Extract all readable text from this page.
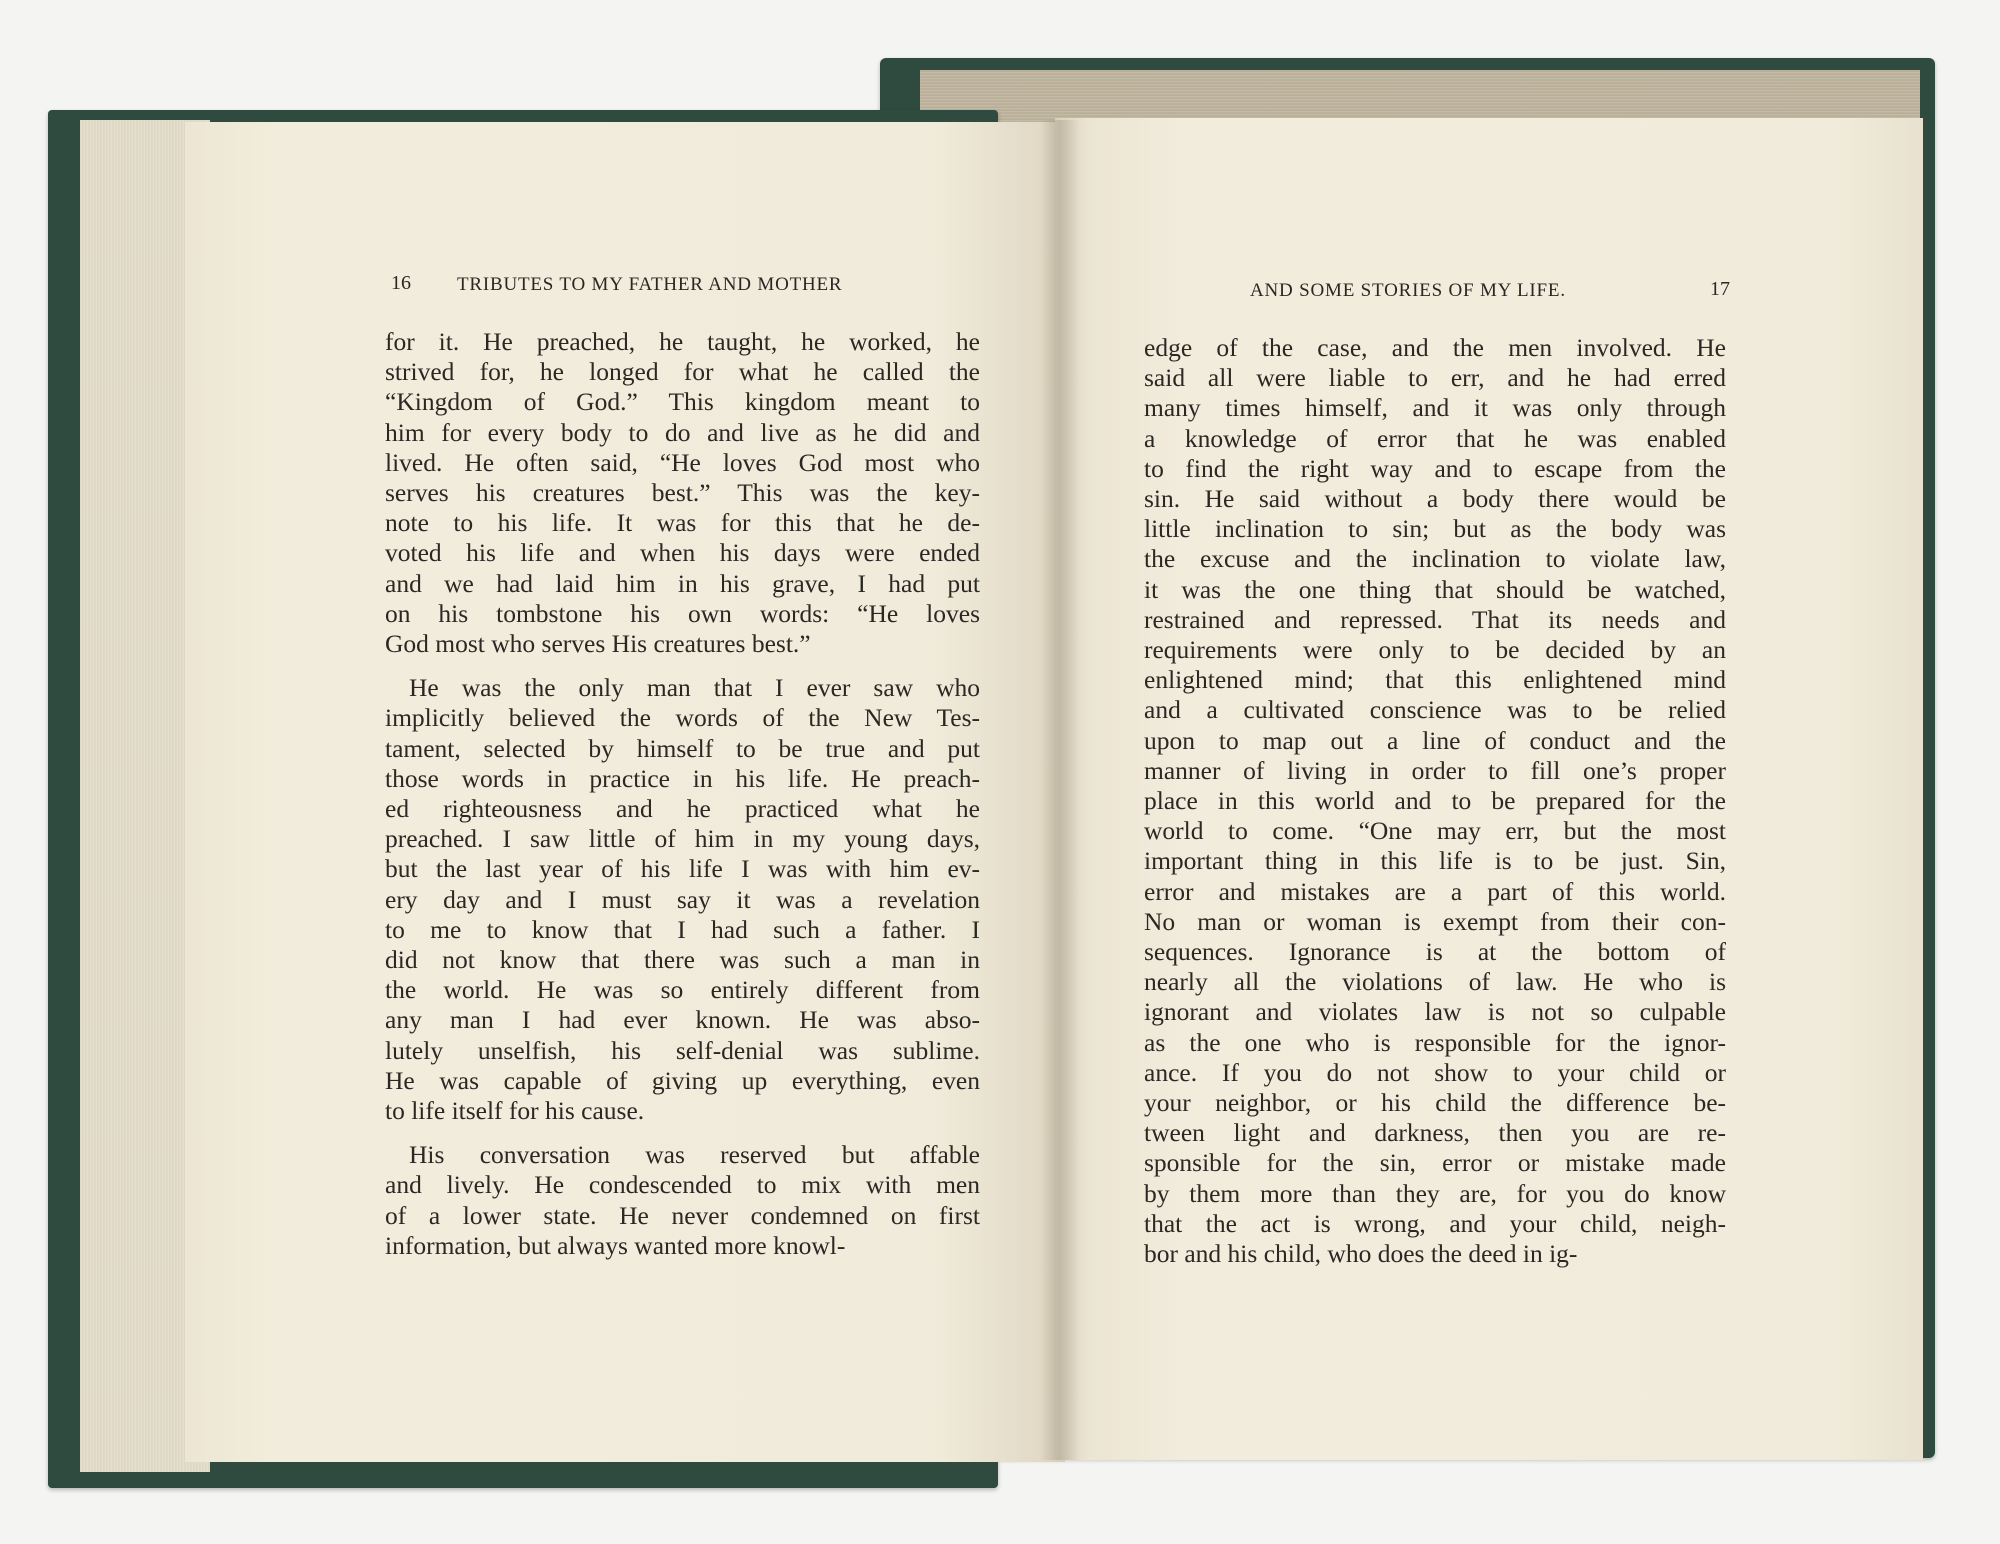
16 TRIBUTES TO MY FATHER AND MOTHER

for it. He preached, he taught, he worked, he
strived for, he longed for what he called the
“Kingdom of God.” This kingdom meant to
him for every body to do and live as he did and
lived. He often said, “He loves God most who
serves his creatures best.” This was the key-
note to his life. It was for this that he de-
voted his life and when his days were ended
and we had laid him in his grave, I had put
on his tombstone his own words: “He loves
God most who serves His creatures best.”

He was the only man that I ever saw who
implicitly believed the words of the New Tes-
tament, selected by himself to be true and put
those words in practice in his life. He preach-
ed righteousness and he practiced what he
preached. I saw little of him in my young days,
but the last year of his life I was with him ev-
ery day and I must say it was a revelation
to me to know that I had such a father. I
did not know that there was such a man in
the world. He was so entirely different from
any man I had ever known. He was abso-
lutely unselfish, his self-denial was sublime.
He was capable of giving up everything, even
to life itself for his cause.

His conversation was reserved but affable
and lively. He condescended to mix with men
of a lower state. He never condemned on first
information, but always wanted more knowl-

AND SOME STORIES OF MY LIFE.	17

edge of the case, and the men involved. He
said all were liable to err, and he had erred
many times himself, and it was only through
a knowledge of error that he was enabled
to find the right way and to escape from the
sin. He said without a body there would be
little inclination to sin; but as the body was
the excuse and the inclination to violate law,
it was the one thing that should be watched,
restrained and repressed. That its needs and
requirements were only to be decided by an
enlightened mind; that this enlightened mind
and a cultivated conscience was to be relied
upon to map out a line of conduct and the
manner of living in order to fill one’s proper
place in this world and to be prepared for the
world to come. “One may err, but the most
important thing in this life is to be just. Sin,
error and mistakes are a part of this world.
No man or woman is exempt from their con-
sequences. Ignorance is at the bottom of
nearly all the violations of law. He who is
ignorant and violates law is not so culpable
as the one who is responsible for the ignor-
ance. If you do not show to your child or
your neighbor, or his child the difference be-
tween light and darkness, then you are re-
sponsible for the sin, error or mistake made
by them more than they are, for you do know
that the act is wrong, and your child, neigh-
bor and his child, who does the deed in ig-
